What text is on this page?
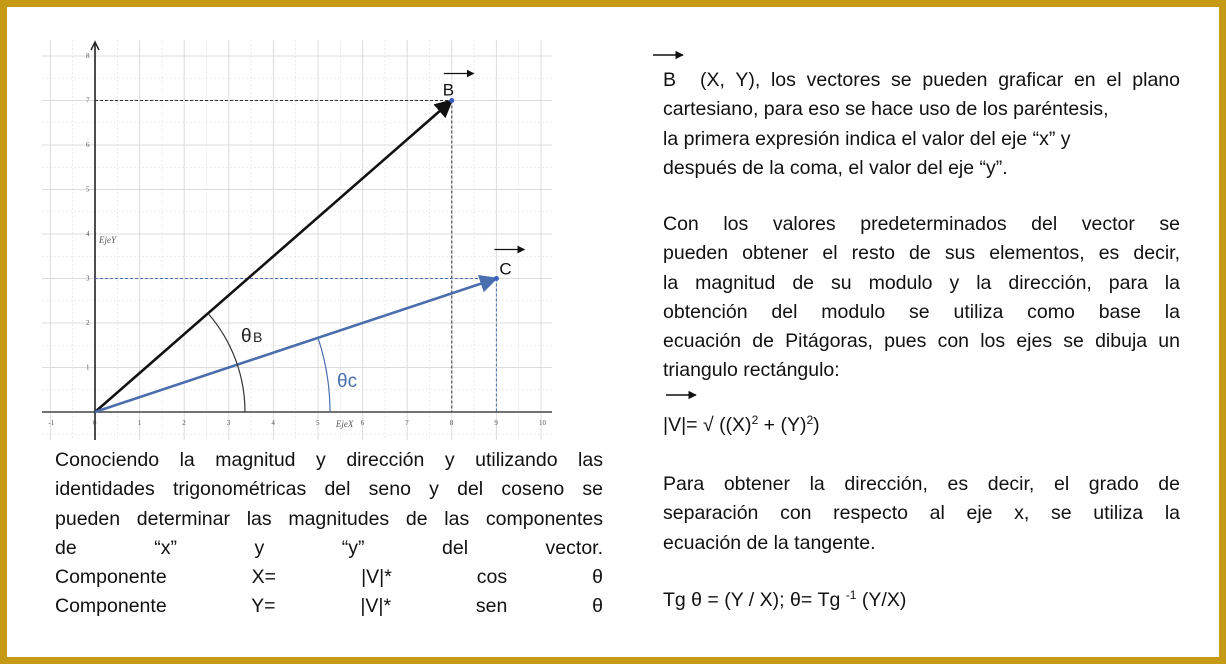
-1	0	1	2	3	4	5	6	7	8	9	10
1
2
3
4
5
6
7
8
EjeX
EjeY
B
C
θ B
θc
Conociendo la magnitud y dirección y utilizando las
identidades trigonométricas del seno y del coseno se
pueden determinar las magnitudes de las componentes
de “x” y “y” del vector.
Componente X= |V|* cos θ
Componente Y= |V|* sen θ
B	(X, Y), los vectores se pueden graficar en el plano
cartesiano, para eso se hace uso de los paréntesis,
la primera expresión indica el valor del eje “x” y
después de la coma, el valor del eje “y”.
Con los valores predeterminados del vector se
pueden obtener el resto de sus elementos, es decir,
la magnitud de su modulo y la dirección, para la
obtención del modulo se utiliza como base la
ecuación de Pitágoras, pues con los ejes se dibuja un
triangulo rectángulo:
|V|= √ $((X)^2 + (Y)^2)$
Para obtener la dirección, es decir, el grado de
separación con respecto al eje x, se utiliza la
ecuación de la tangente.
Tg θ = (Y / X); θ= Tg $^{-1}$ (Y/X)
